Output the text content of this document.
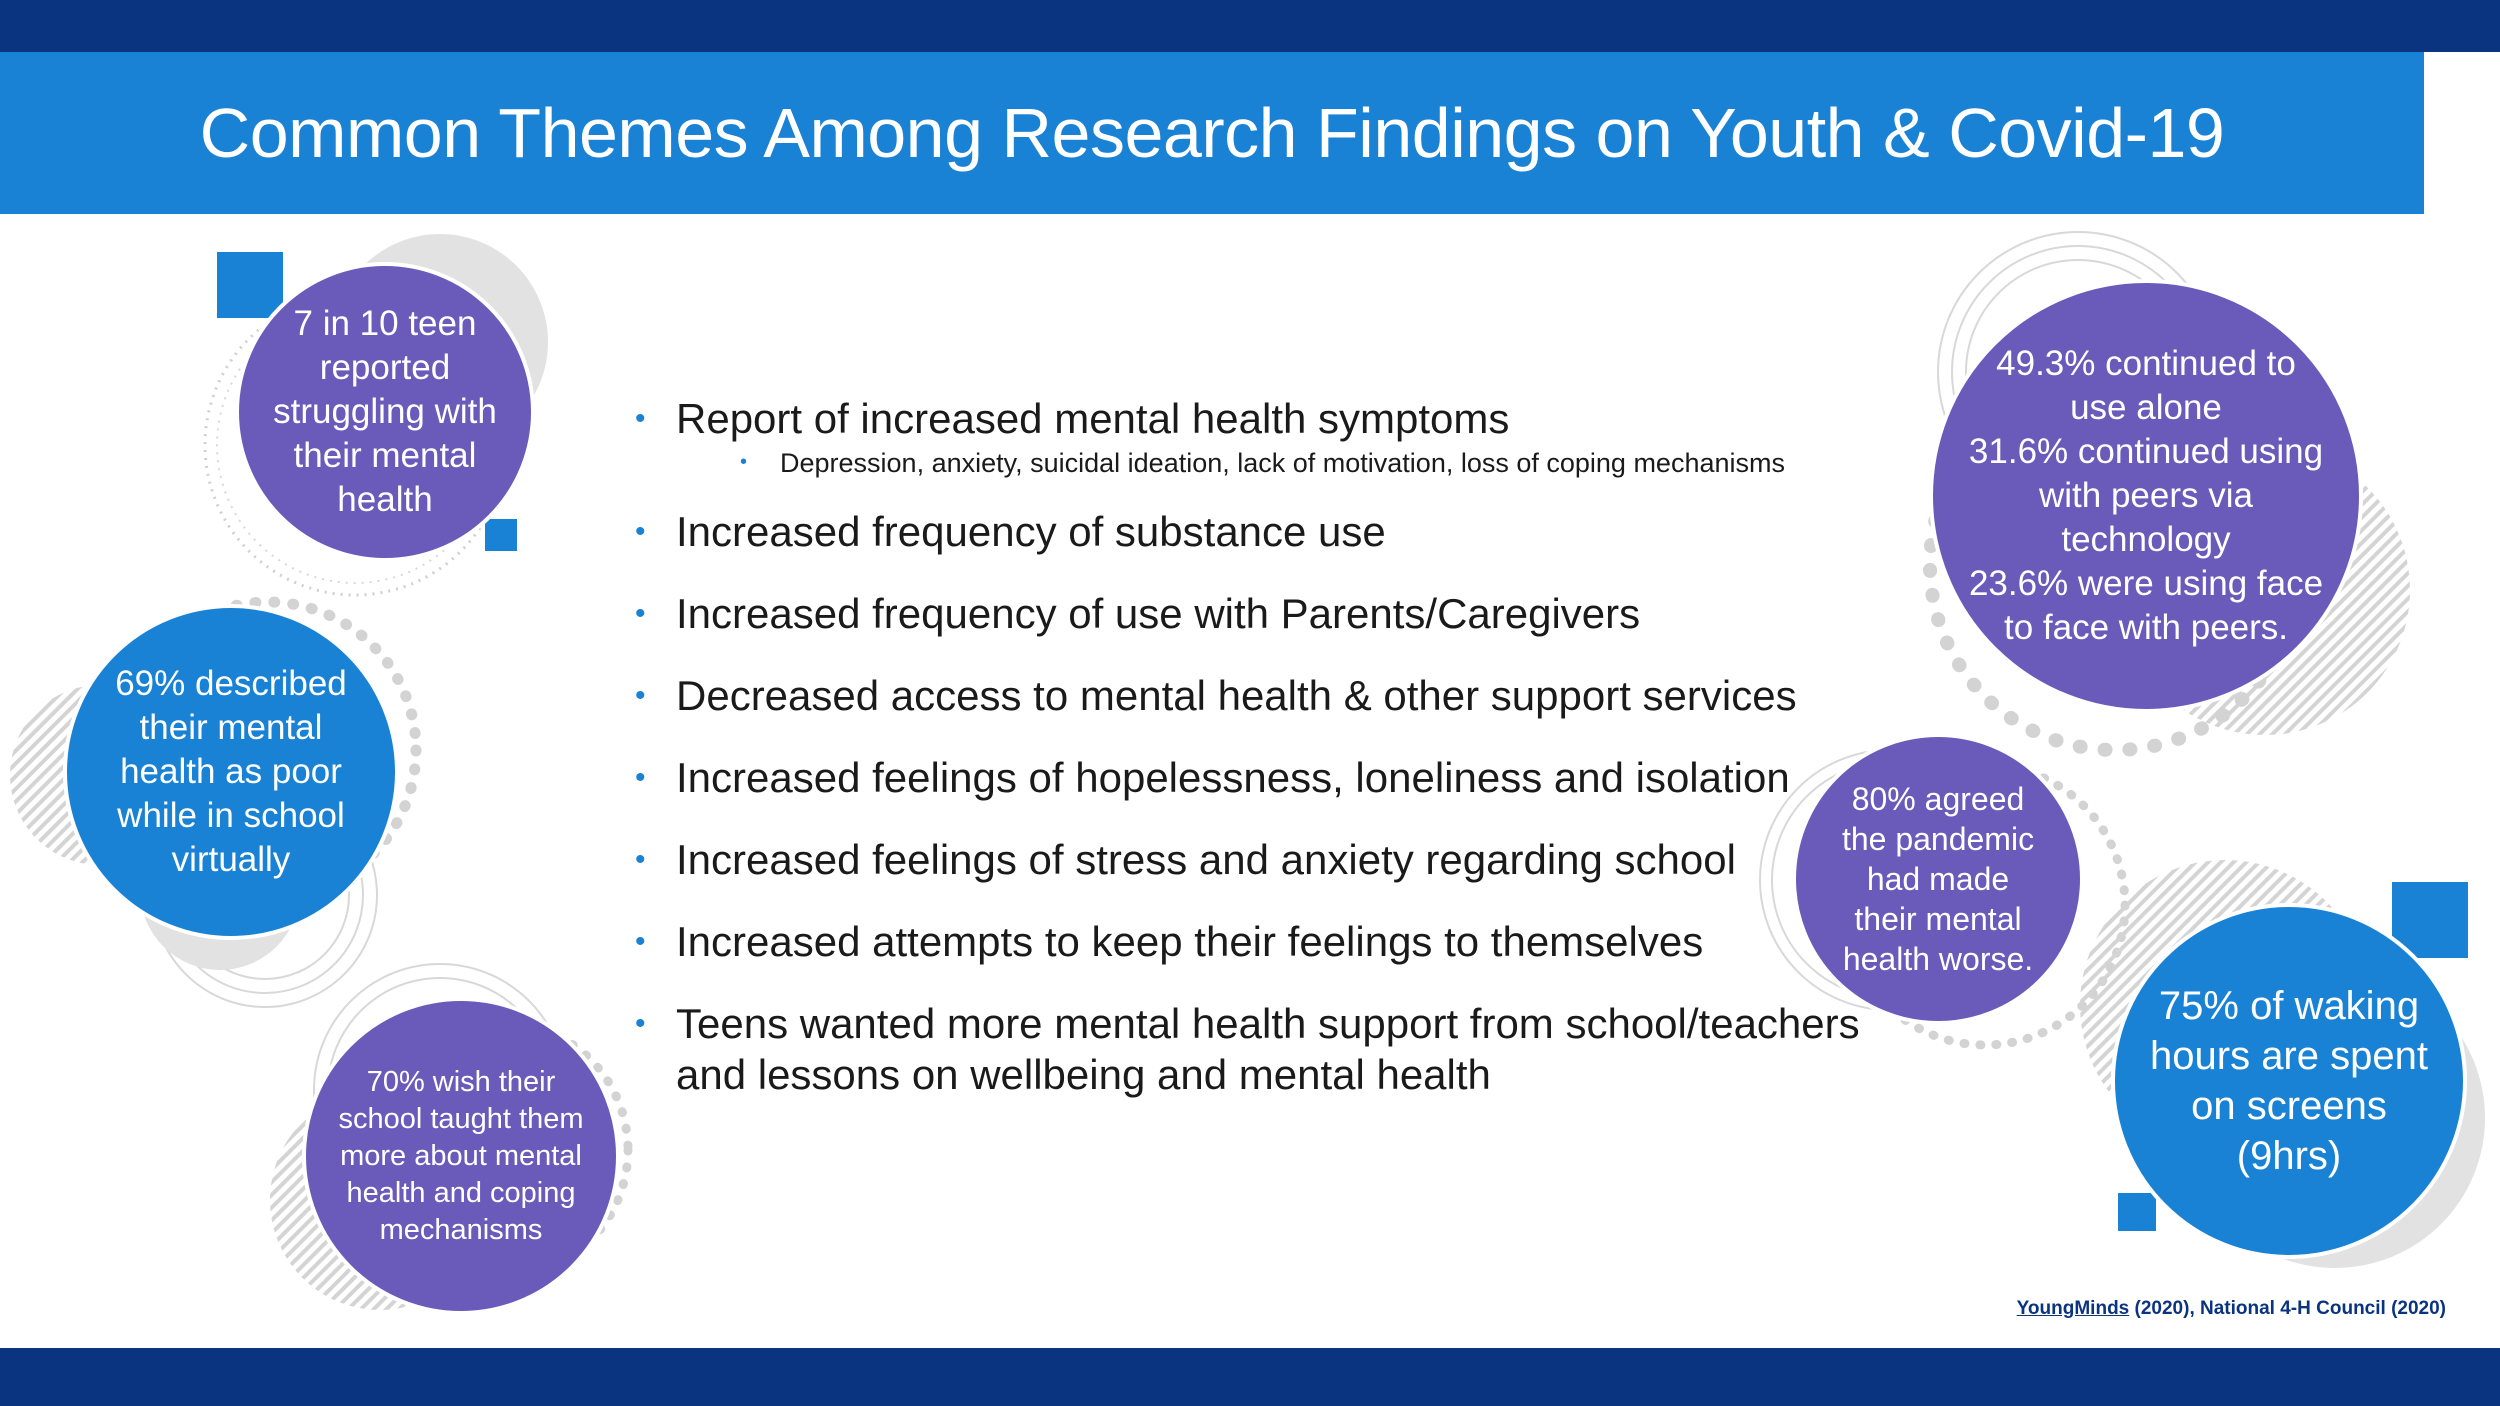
Common Themes Among Research Findings on Youth & Covid-19
7 in 10 teen
reported
struggling with
their mental
health
69% described
their mental
health as poor
while in school
virtually
70% wish their
school taught them
more about mental
health and coping
mechanisms
49.3% continued to
use alone
31.6% continued using
with peers via
technology
23.6% were using face
to face with peers.
80% agreed
the pandemic
had made
their mental
health worse.
75% of waking
hours are spent
on screens
(9hrs)
• Report of increased mental health symptoms
• Depression, anxiety, suicidal ideation, lack of motivation, loss of coping mechanisms
• Increased frequency of substance use
• Increased frequency of use with Parents/Caregivers
• Decreased access to mental health & other support services
• Increased feelings of hopelessness, loneliness and isolation
• Increased feelings of stress and anxiety regarding school
• Increased attempts to keep their feelings to themselves
• Teens wanted more mental health support from school/teachers and lessons on wellbeing and mental health
YoungMinds (2020), National 4-H Council (2020)
